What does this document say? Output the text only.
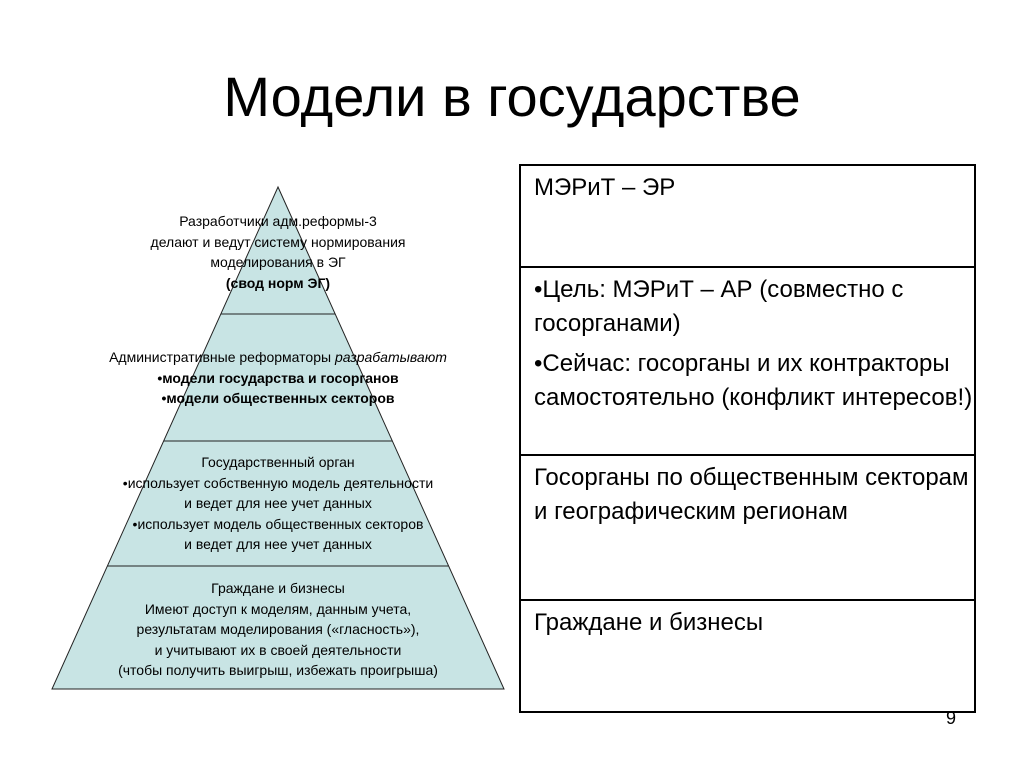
Модели в государстве
Разработчики адм.реформы-3
делают и ведут систему нормирования
моделирования в ЭГ
(свод норм ЭГ)
Административные реформаторы разрабатывают
•модели государства и госорганов
•модели общественных секторов
Государственный орган
•использует собственную модель деятельности
и ведет для нее учет данных
•использует модель общественных секторов
и ведет для нее учет данных
Граждане и бизнесы
Имеют доступ к моделям, данным учета,
результатам моделирования («гласность»),
и учитывают их в своей деятельности
(чтобы получить выигрыш, избежать проигрыша)
МЭРиТ – ЭР

•Цель: МЭРиТ – АР (совместно с госорганами)

•Сейчас: госорганы и их контракторы самостоятельно (конфликт интересов!)

Госорганы по общественным секторам и географическим регионам
Граждане и бизнесы
9
